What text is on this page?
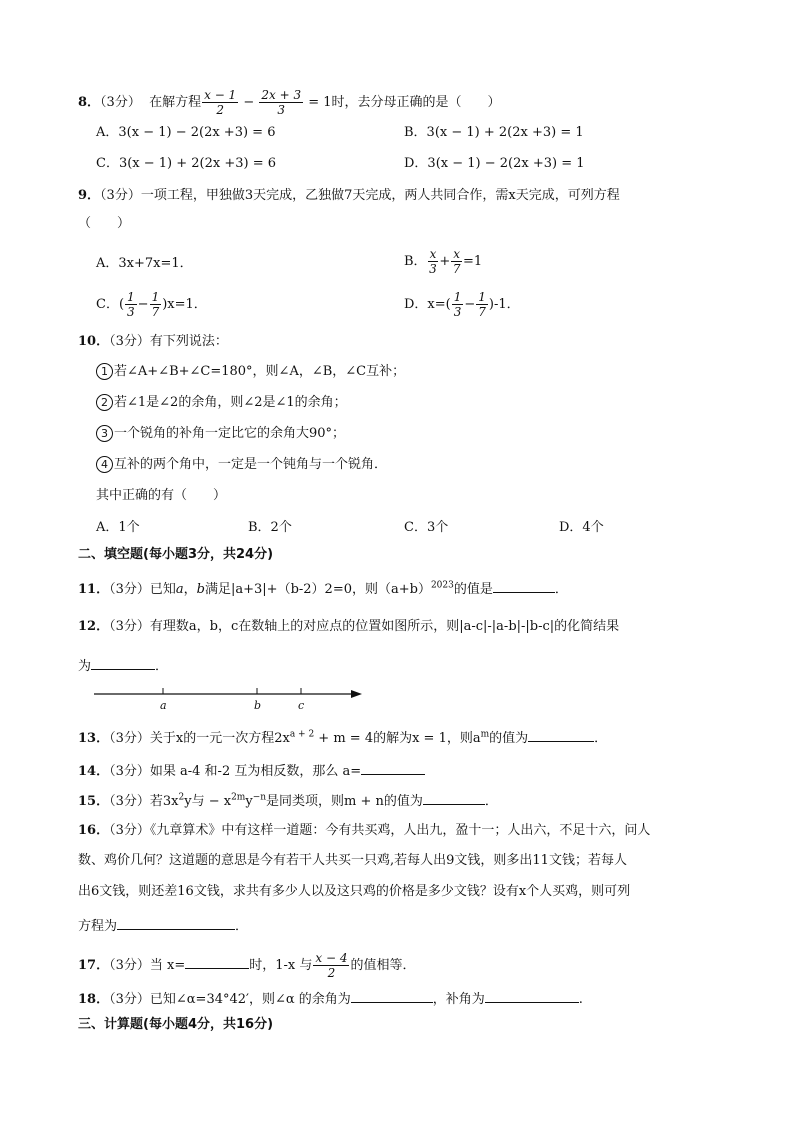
8．（3分） 在解方程 $\frac{x - 1}{2} - \frac{2x + 3}{3} = 1$时，去分母正确的是（　　）
A．3(x − 1) − 2(2x +3) = 6	B．3(x − 1) + 2(2x +3) = 1
C．3(x − 1) + 2(2x +3) = 6	D．3(x − 1) − 2(2x +3) = 1
9．（3分）一项工程，甲独做3天完成，乙独做7天完成，两人共同合作，需x天完成，可列方程
（　　）
A．3x+7x=1．	B． $\frac{x}{3} + \frac{x}{7} =1$
C．( $\frac{1}{3} - \frac{1}{7} )x=1$．	D．$x=( \frac{1}{3} - \frac{1}{7} )-1$．
10．（3分）有下列说法：
1 若∠A+∠B+∠C=180°，则∠A，∠B，∠C互补；
2 若∠1是∠2的余角，则∠2是∠1的余角；
3 一个锐角的补角一定比它的余角大90°；
4 互补的两个角中，一定是一个钝角与一个锐角．
其中正确的有（　　）
A．1个	B．2个	C．3个	D．4个
二、填空题(每小题3分，共24分)
11．（3分）已知a，b满足|a+3|+（b-2）2=0，则$(a+b)^{2023}$的值是	．
12．（3分）有理数a，b，c在数轴上的对应点的位置如图所示，则|a-c|-|a-b|-|b-c|的化简结果
为	．
a	b	c
13．（3分）关于x的一元一次方程$2x^{a + 2} + m = 4$的解为x = 1，则$a^m$的值为	．
14．（3分）如果 a-4 和-2 互为相反数，那么 a=
15．（3分）若$3x^2y$与 − $x^{2m}y^{-n}$是同类项，则m + n的值为	．
16．（3分）《九章算术》中有这样一道题：今有共买鸡，人出九，盈十一；人出六，不足十六，问人
数、鸡价几何？这道题的意思是今有若干人共买一只鸡,若每人出9文钱，则多出11文钱；若每人
出6文钱，则还差16文钱，求共有多少人以及这只鸡的价格是多少文钱？设有x个人买鸡，则可列
方程为	．
17．（3分）当 x=	时，1-x 与 $\frac{x - 4}{2}$ 的值相等．
18．（3分）已知∠α=34°42′，则∠α 的余角为	，补角为	.
三、计算题(每小题4分，共16分)
